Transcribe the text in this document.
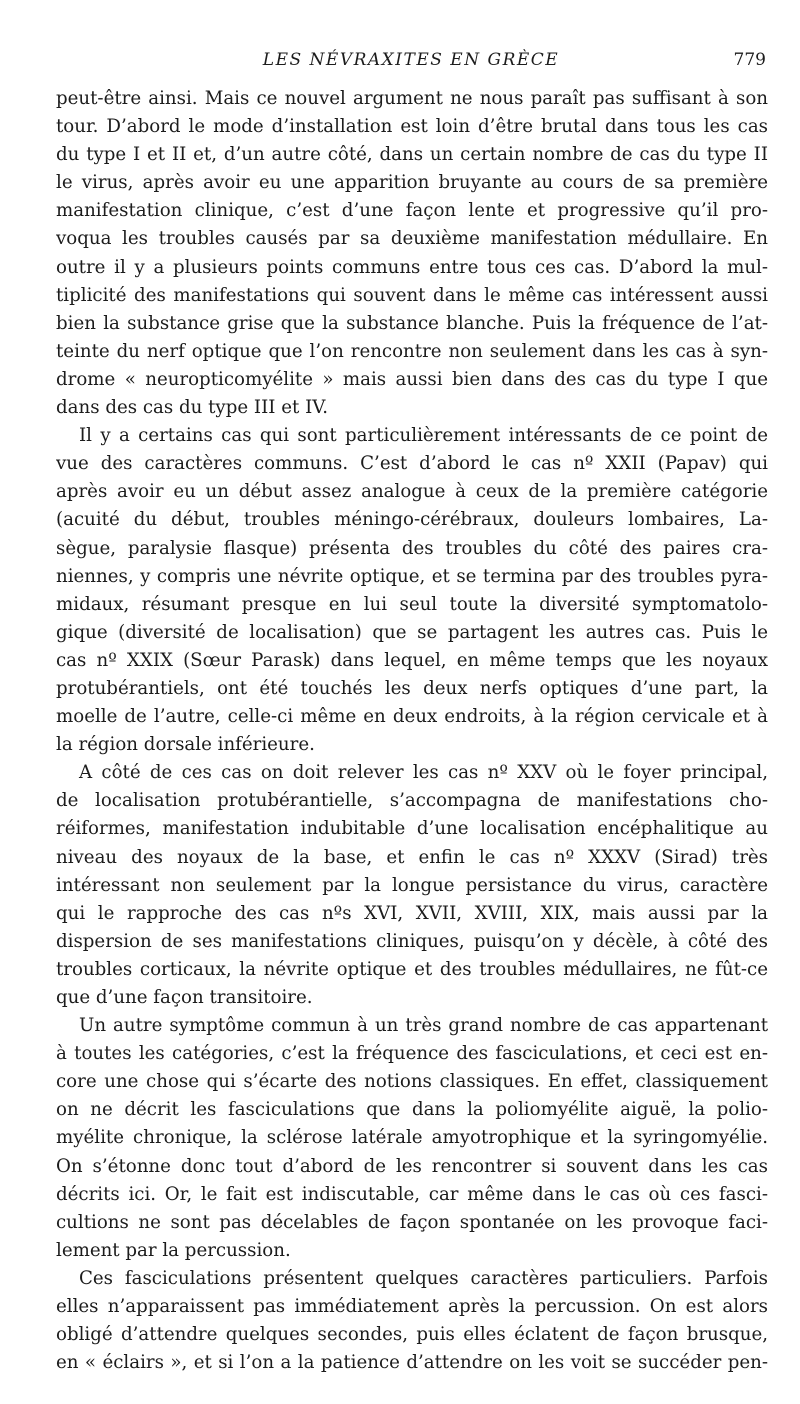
LES NÉVRAXITES EN GRÈCE	779
peut-être ainsi. Mais ce nouvel argument ne nous paraît pas suffisant à son
tour. D’abord le mode d’installation est loin d’être brutal dans tous les cas
du type I et II et, d’un autre côté, dans un certain nombre de cas du type II
le virus, après avoir eu une apparition bruyante au cours de sa première
manifestation clinique, c’est d’une façon lente et progressive qu’il pro-
voqua les troubles causés par sa deuxième manifestation médullaire. En
outre il y a plusieurs points communs entre tous ces cas. D’abord la mul-
tiplicité des manifestations qui souvent dans le même cas intéressent aussi
bien la substance grise que la substance blanche. Puis la fréquence de l’at-
teinte du nerf optique que l’on rencontre non seulement dans les cas à syn-
drome « neuropticomyélite » mais aussi bien dans des cas du type I que
dans des cas du type III et IV.
Il y a certains cas qui sont particulièrement intéressants de ce point de
vue des caractères communs. C’est d’abord le cas nº XXII (Papav) qui
après avoir eu un début assez analogue à ceux de la première catégorie
(acuité du début, troubles méningo-cérébraux, douleurs lombaires, La-
sègue, paralysie flasque) présenta des troubles du côté des paires cra-
niennes, y compris une névrite optique, et se termina par des troubles pyra-
midaux, résumant presque en lui seul toute la diversité symptomatolo-
gique (diversité de localisation) que se partagent les autres cas. Puis le
cas nº XXIX (Sœur Parask) dans lequel, en même temps que les noyaux
protubérantiels, ont été touchés les deux nerfs optiques d’une part, la
moelle de l’autre, celle-ci même en deux endroits, à la région cervicale et à
la région dorsale inférieure.
A côté de ces cas on doit relever les cas nº XXV où le foyer principal,
de localisation protubérantielle, s’accompagna de manifestations cho-
réiformes, manifestation indubitable d’une localisation encéphalitique au
niveau des noyaux de la base, et enfin le cas nº XXXV (Sirad) très
intéressant non seulement par la longue persistance du virus, caractère
qui le rapproche des cas nºs XVI, XVII, XVIII, XIX, mais aussi par la
dispersion de ses manifestations cliniques, puisqu’on y décèle, à côté des
troubles corticaux, la névrite optique et des troubles médullaires, ne fût-ce
que d’une façon transitoire.
Un autre symptôme commun à un très grand nombre de cas appartenant
à toutes les catégories, c’est la fréquence des fasciculations, et ceci est en-
core une chose qui s’écarte des notions classiques. En effet, classiquement
on ne décrit les fasciculations que dans la poliomyélite aiguë, la polio-
myélite chronique, la sclérose latérale amyotrophique et la syringomyélie.
On s’étonne donc tout d’abord de les rencontrer si souvent dans les cas
décrits ici. Or, le fait est indiscutable, car même dans le cas où ces fasci-
cultions ne sont pas décelables de façon spontanée on les provoque faci-
lement par la percussion.
Ces fasciculations présentent quelques caractères particuliers. Parfois
elles n’apparaissent pas immédiatement après la percussion. On est alors
obligé d’attendre quelques secondes, puis elles éclatent de façon brusque,
en « éclairs », et si l’on a la patience d’attendre on les voit se succéder pen-
